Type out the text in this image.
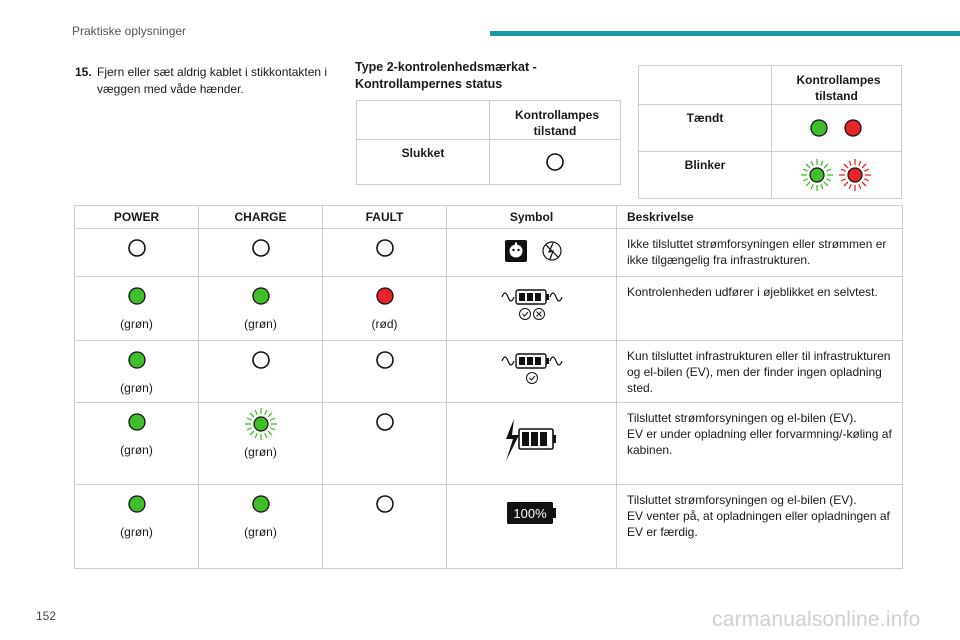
Praktiske oplysninger
15. Fjern eller sæt aldrig kablet i stikkontakten i væggen med våde hænder.
Type 2-kontrolenhedsmærkat -
Kontrollampernes status

	Kontrollampes tilstand

Slukket	

	Kontrollampes tilstand

Tændt	
Blinker	
POWER	CHARGE	FAULT	Symbol	Beskrivelse
				Ikke tilsluttet strømforsyningen eller strømmen er ikke tilgængelig fra infrastrukturen.

(grøn)	(grøn)	(rød)		Kontrolenheden udfører i øjeblikket en selvtest.

(grøn)				Kun tilsluttet infrastrukturen eller til infrastrukturen og el-bilen (EV), men der finder ingen opladning sted.

(grøn)	(grøn)			Tilsluttet strømforsyningen og el-bilen (EV).
EV er under opladning eller forvarmning/-køling af kabinen.

(grøn)	(grøn)		100%	Tilsluttet strømforsyningen og el-bilen (EV).
EV venter på, at opladningen eller opladningen af EV er færdig.
152	carmanualsonline.info
